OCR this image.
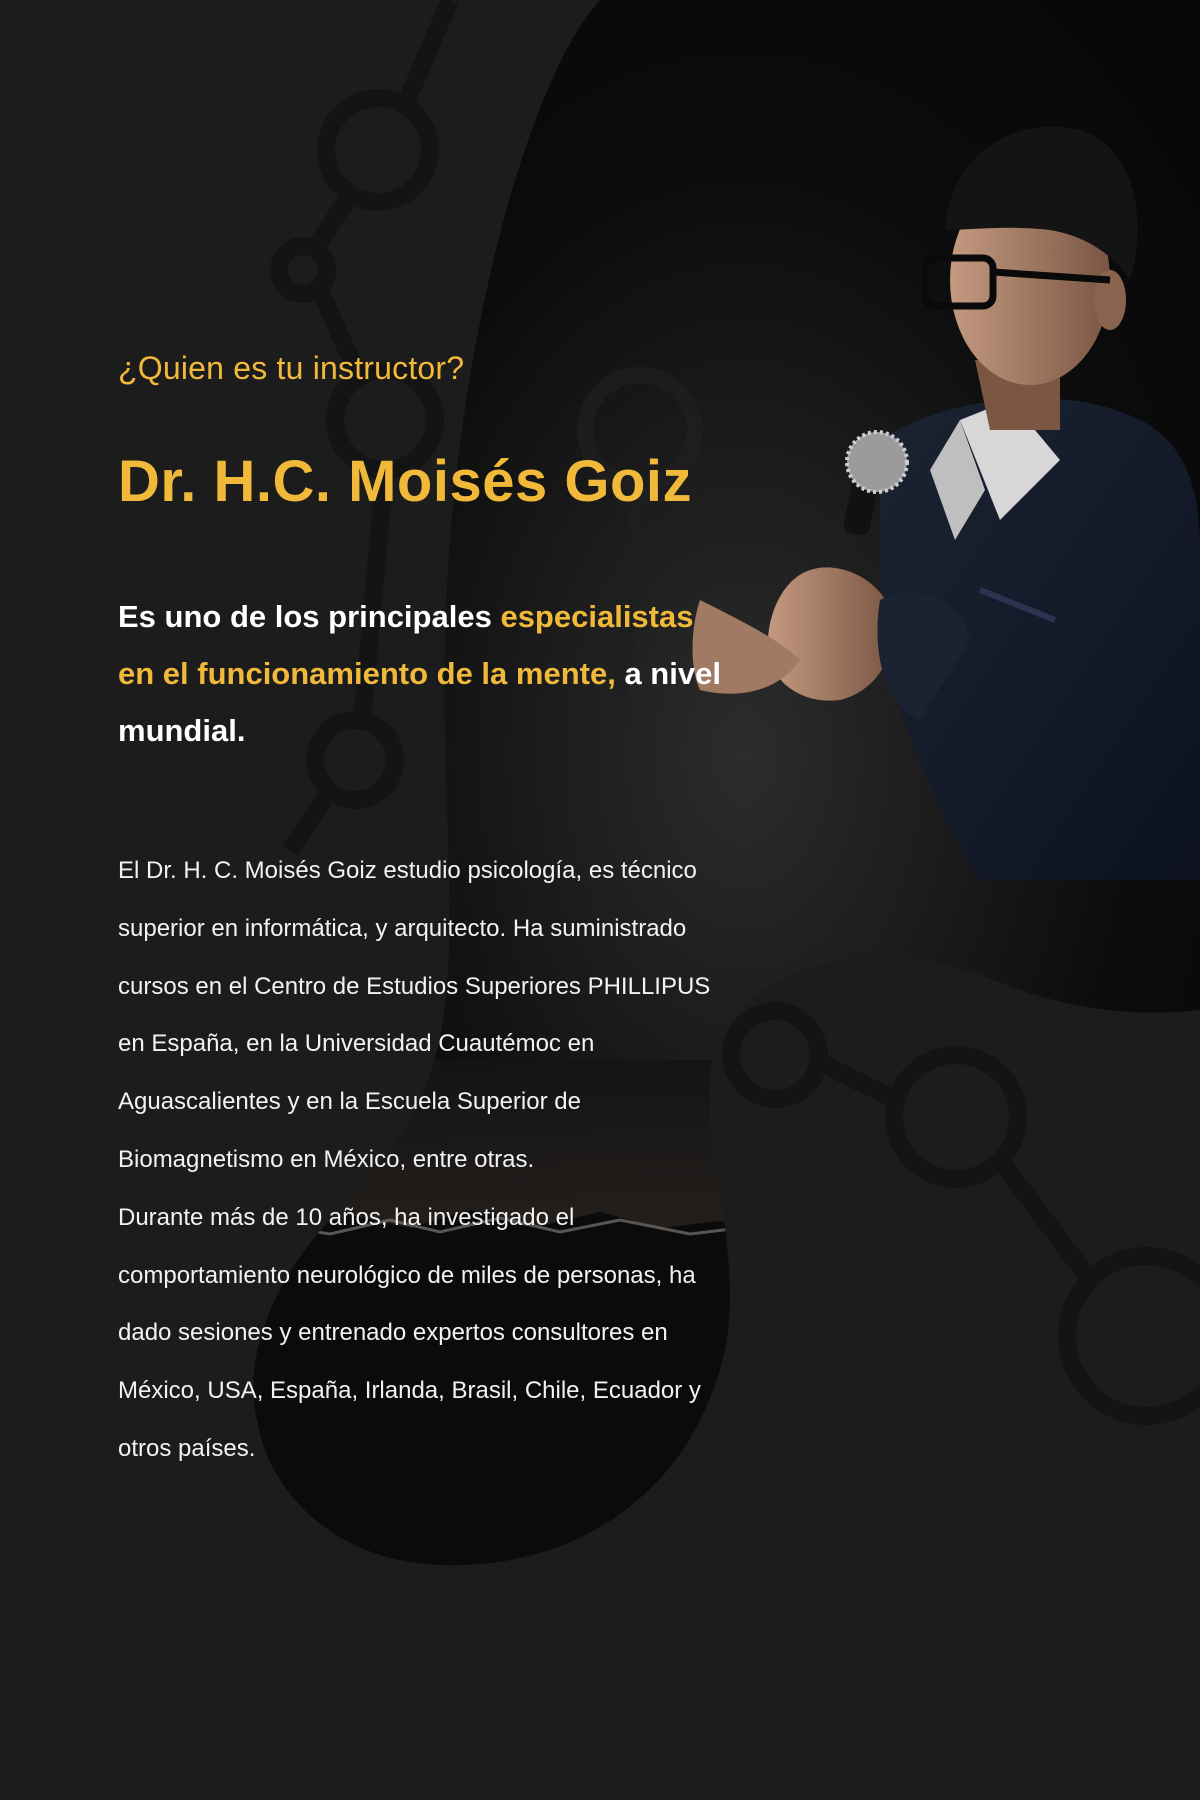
¿Quien es tu instructor?
Dr. H.C. Moisés Goiz
Es uno de los principales especialistas en el funcionamiento de la mente, a nivel mundial.

El Dr. H. C. Moisés Goiz estudio psicología, es técnico superior en informática, y arquitecto. Ha suministrado cursos en el Centro de Estudios Superiores PHILLIPUS en España, en la Universidad Cuautémoc en Aguascalientes y en la Escuela Superior de Biomagnetismo en México, entre otras.

Durante más de 10 años, ha investigado el comportamiento neurológico de miles de personas, ha dado sesiones y entrenado expertos consultores en México, USA, España, Irlanda, Brasil, Chile, Ecuador y otros países.
